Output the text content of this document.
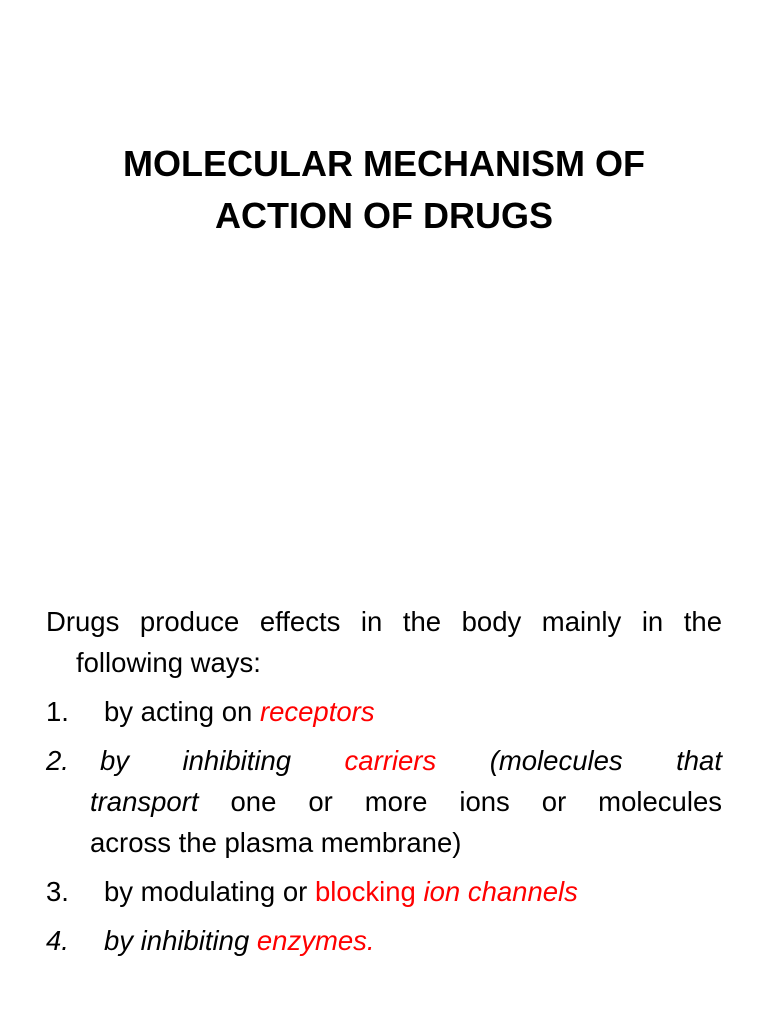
MOLECULAR MECHANISM OF
ACTION OF DRUGS
Drugs produce effects in the body mainly in the following ways:
1. by acting on receptors
2.	by inhibiting carriers (molecules that
transport one or more ions or molecules
across the plasma membrane)
3. by modulating or blocking ion channels
4. by inhibiting enzymes.
